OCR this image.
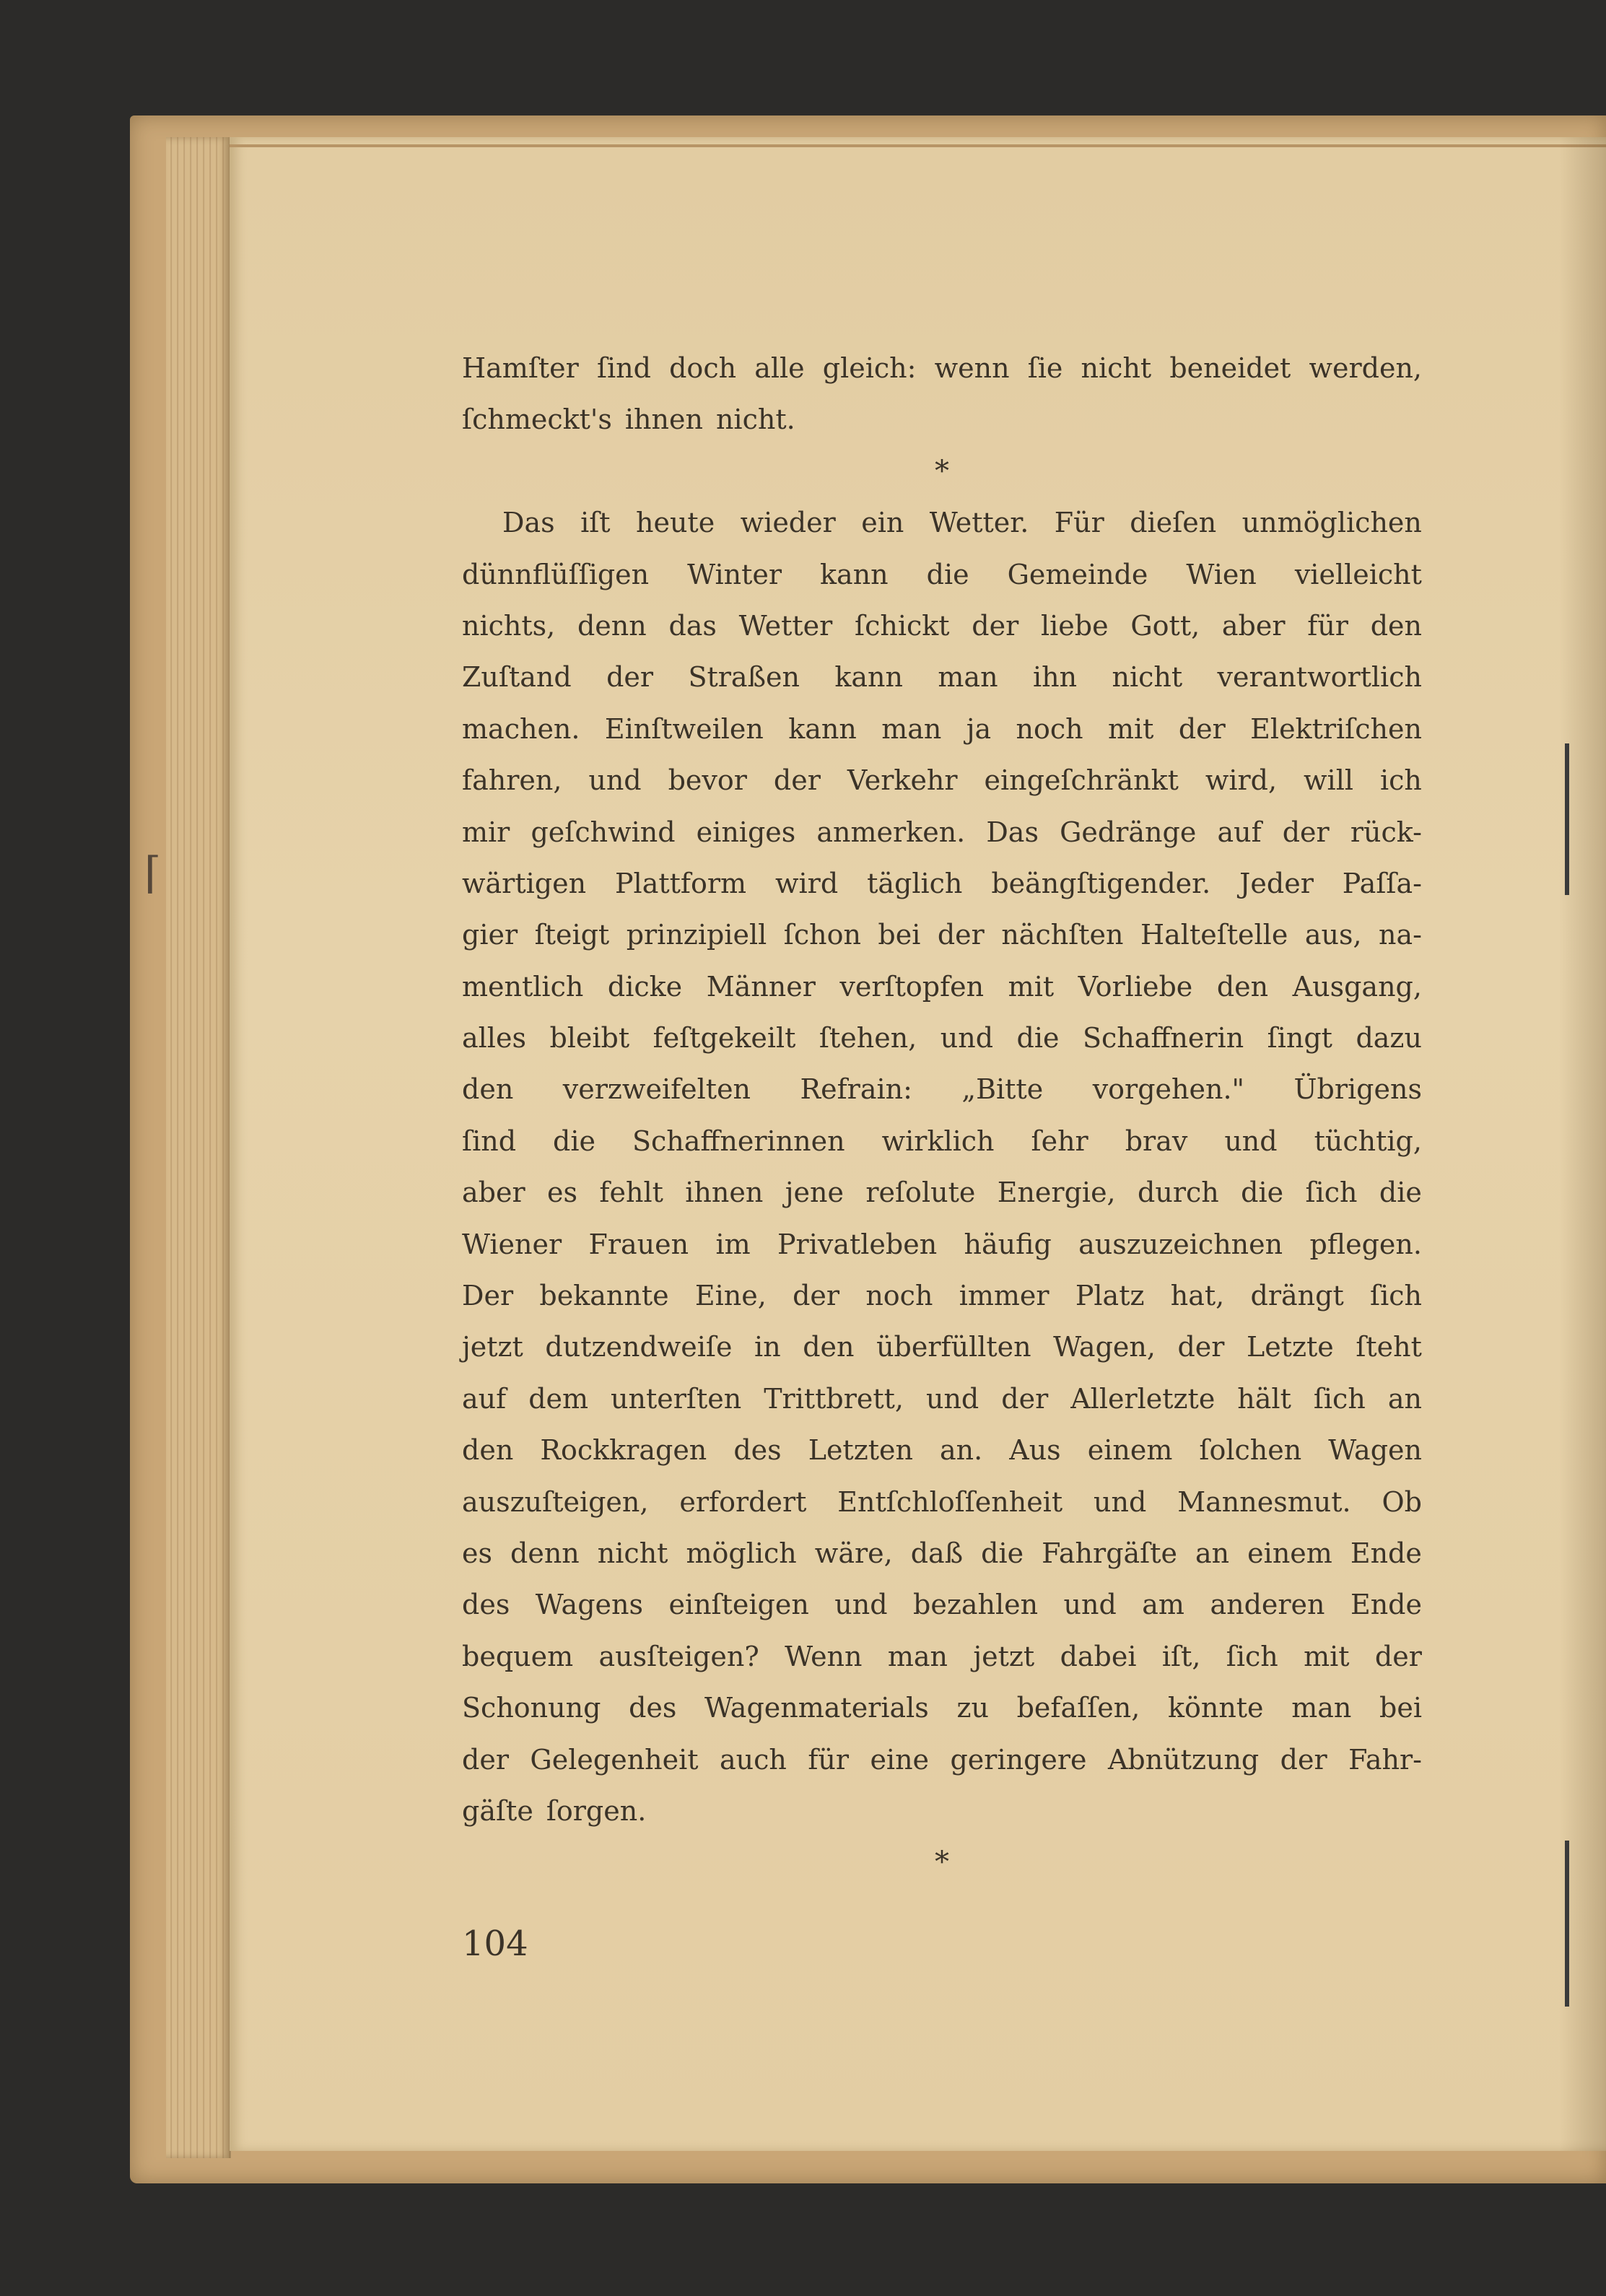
⌈
Hamſter ſind doch alle gleich: wenn ſie nicht beneidet werden,
ſchmeckt's ihnen nicht.
*
Das iſt heute wieder ein Wetter. Für dieſen unmöglichen
dünnflüſſigen Winter kann die Gemeinde Wien vielleicht
nichts, denn das Wetter ſchickt der liebe Gott, aber für den
Zuſtand der Straßen kann man ihn nicht verantwortlich
machen. Einſtweilen kann man ja noch mit der Elektriſchen
fahren, und bevor der Verkehr eingeſchränkt wird, will ich
mir geſchwind einiges anmerken. Das Gedränge auf der rück-
wärtigen Plattform wird täglich beängſtigender. Jeder Paſſa-
gier ſteigt prinzipiell ſchon bei der nächſten Halteſtelle aus, na-
mentlich dicke Männer verſtopfen mit Vorliebe den Ausgang,
alles bleibt feſtgekeilt ſtehen, und die Schaffnerin ſingt dazu
den verzweifelten Refrain: „Bitte vorgehen." Übrigens
ſind die Schaffnerinnen wirklich ſehr brav und tüchtig,
aber es fehlt ihnen jene reſolute Energie, durch die ſich die
Wiener Frauen im Privatleben häufig auszuzeichnen pflegen.
Der bekannte Eine, der noch immer Platz hat, drängt ſich
jetzt dutzendweiſe in den überfüllten Wagen, der Letzte ſteht
auf dem unterſten Trittbrett, und der Allerletzte hält ſich an
den Rockkragen des Letzten an. Aus einem ſolchen Wagen
auszuſteigen, erfordert Entſchloſſenheit und Mannesmut. Ob
es denn nicht möglich wäre, daß die Fahrgäſte an einem Ende
des Wagens einſteigen und bezahlen und am anderen Ende
bequem ausſteigen? Wenn man jetzt dabei iſt, ſich mit der
Schonung des Wagenmaterials zu befaſſen, könnte man bei
der Gelegenheit auch für eine geringere Abnützung der Fahr-
gäſte ſorgen.
*
104
